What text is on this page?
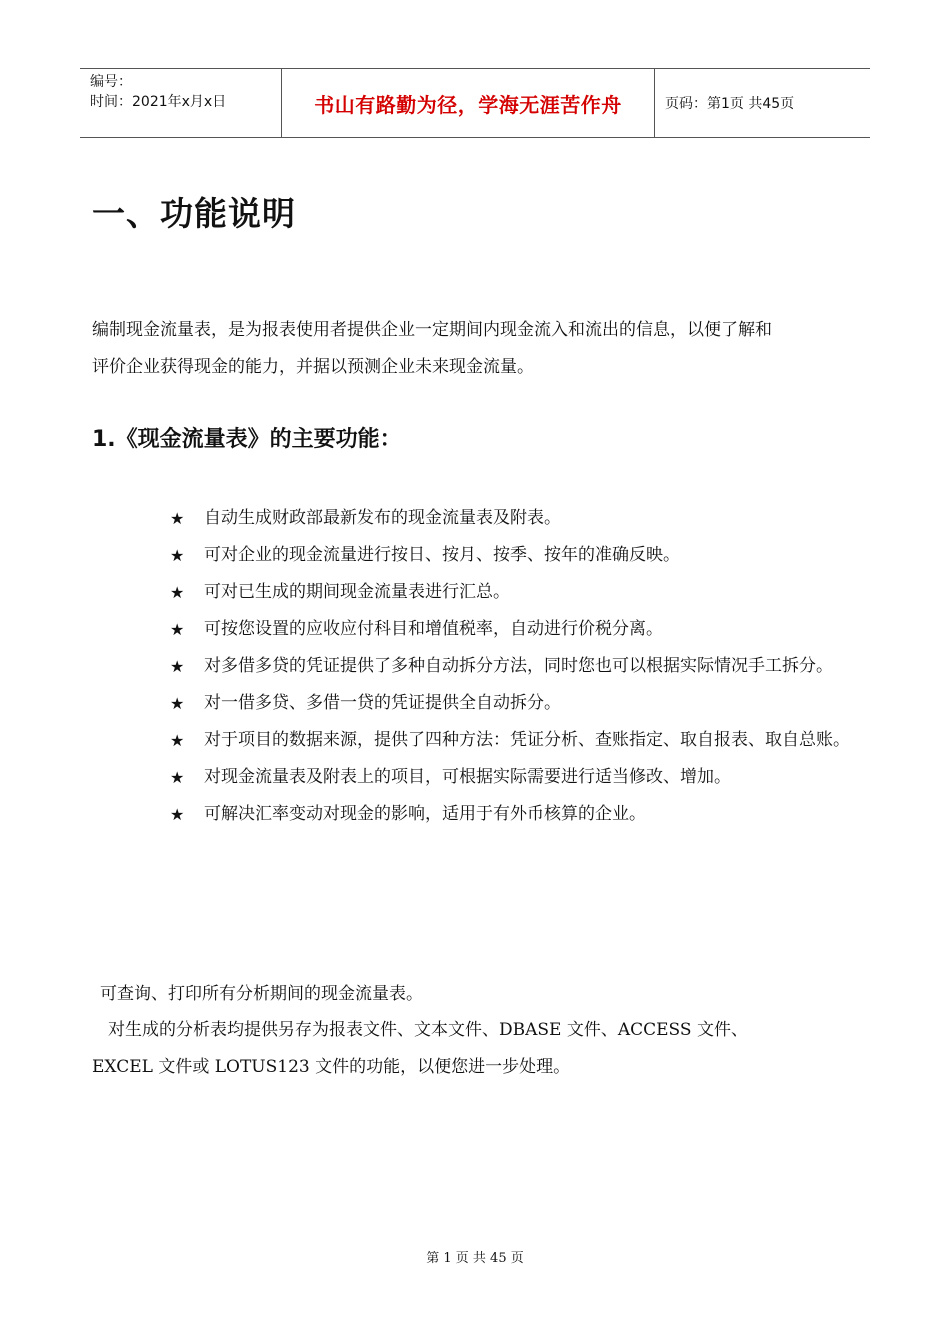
编号：
时间：2021年x月x日	书山有路勤为径，学海无涯苦作舟	页码：第1页 共45页
一、功能说明

编制现金流量表，是为报表使用者提供企业一定期间内现金流入和流出的信息，以便了解和

评价企业获得现金的能力，并据以预测企业未来现金流量。

1.《现金流量表》的主要功能：
★	自动生成财政部最新发布的现金流量表及附表。
★	可对企业的现金流量进行按日、按月、按季、按年的准确反映。
★	可对已生成的期间现金流量表进行汇总。
★	可按您设置的应收应付科目和增值税率，自动进行价税分离。
★	对多借多贷的凭证提供了多种自动拆分方法，同时您也可以根据实际情况手工拆分。
★	对一借多贷、多借一贷的凭证提供全自动拆分。
★	对于项目的数据来源，提供了四种方法：凭证分析、查账指定、取自报表、取自总账。
★	对现金流量表及附表上的项目，可根据实际需要进行适当修改、增加。
★	可解决汇率变动对现金的影响，适用于有外币核算的企业。

可查询、打印所有分析期间的现金流量表。

对生成的分析表均提供另存为报表文件、文本文件、DBASE 文件、ACCESS 文件、

EXCEL 文件或 LOTUS123 文件的功能，以便您进一步处理。

第 1 页 共 45 页
